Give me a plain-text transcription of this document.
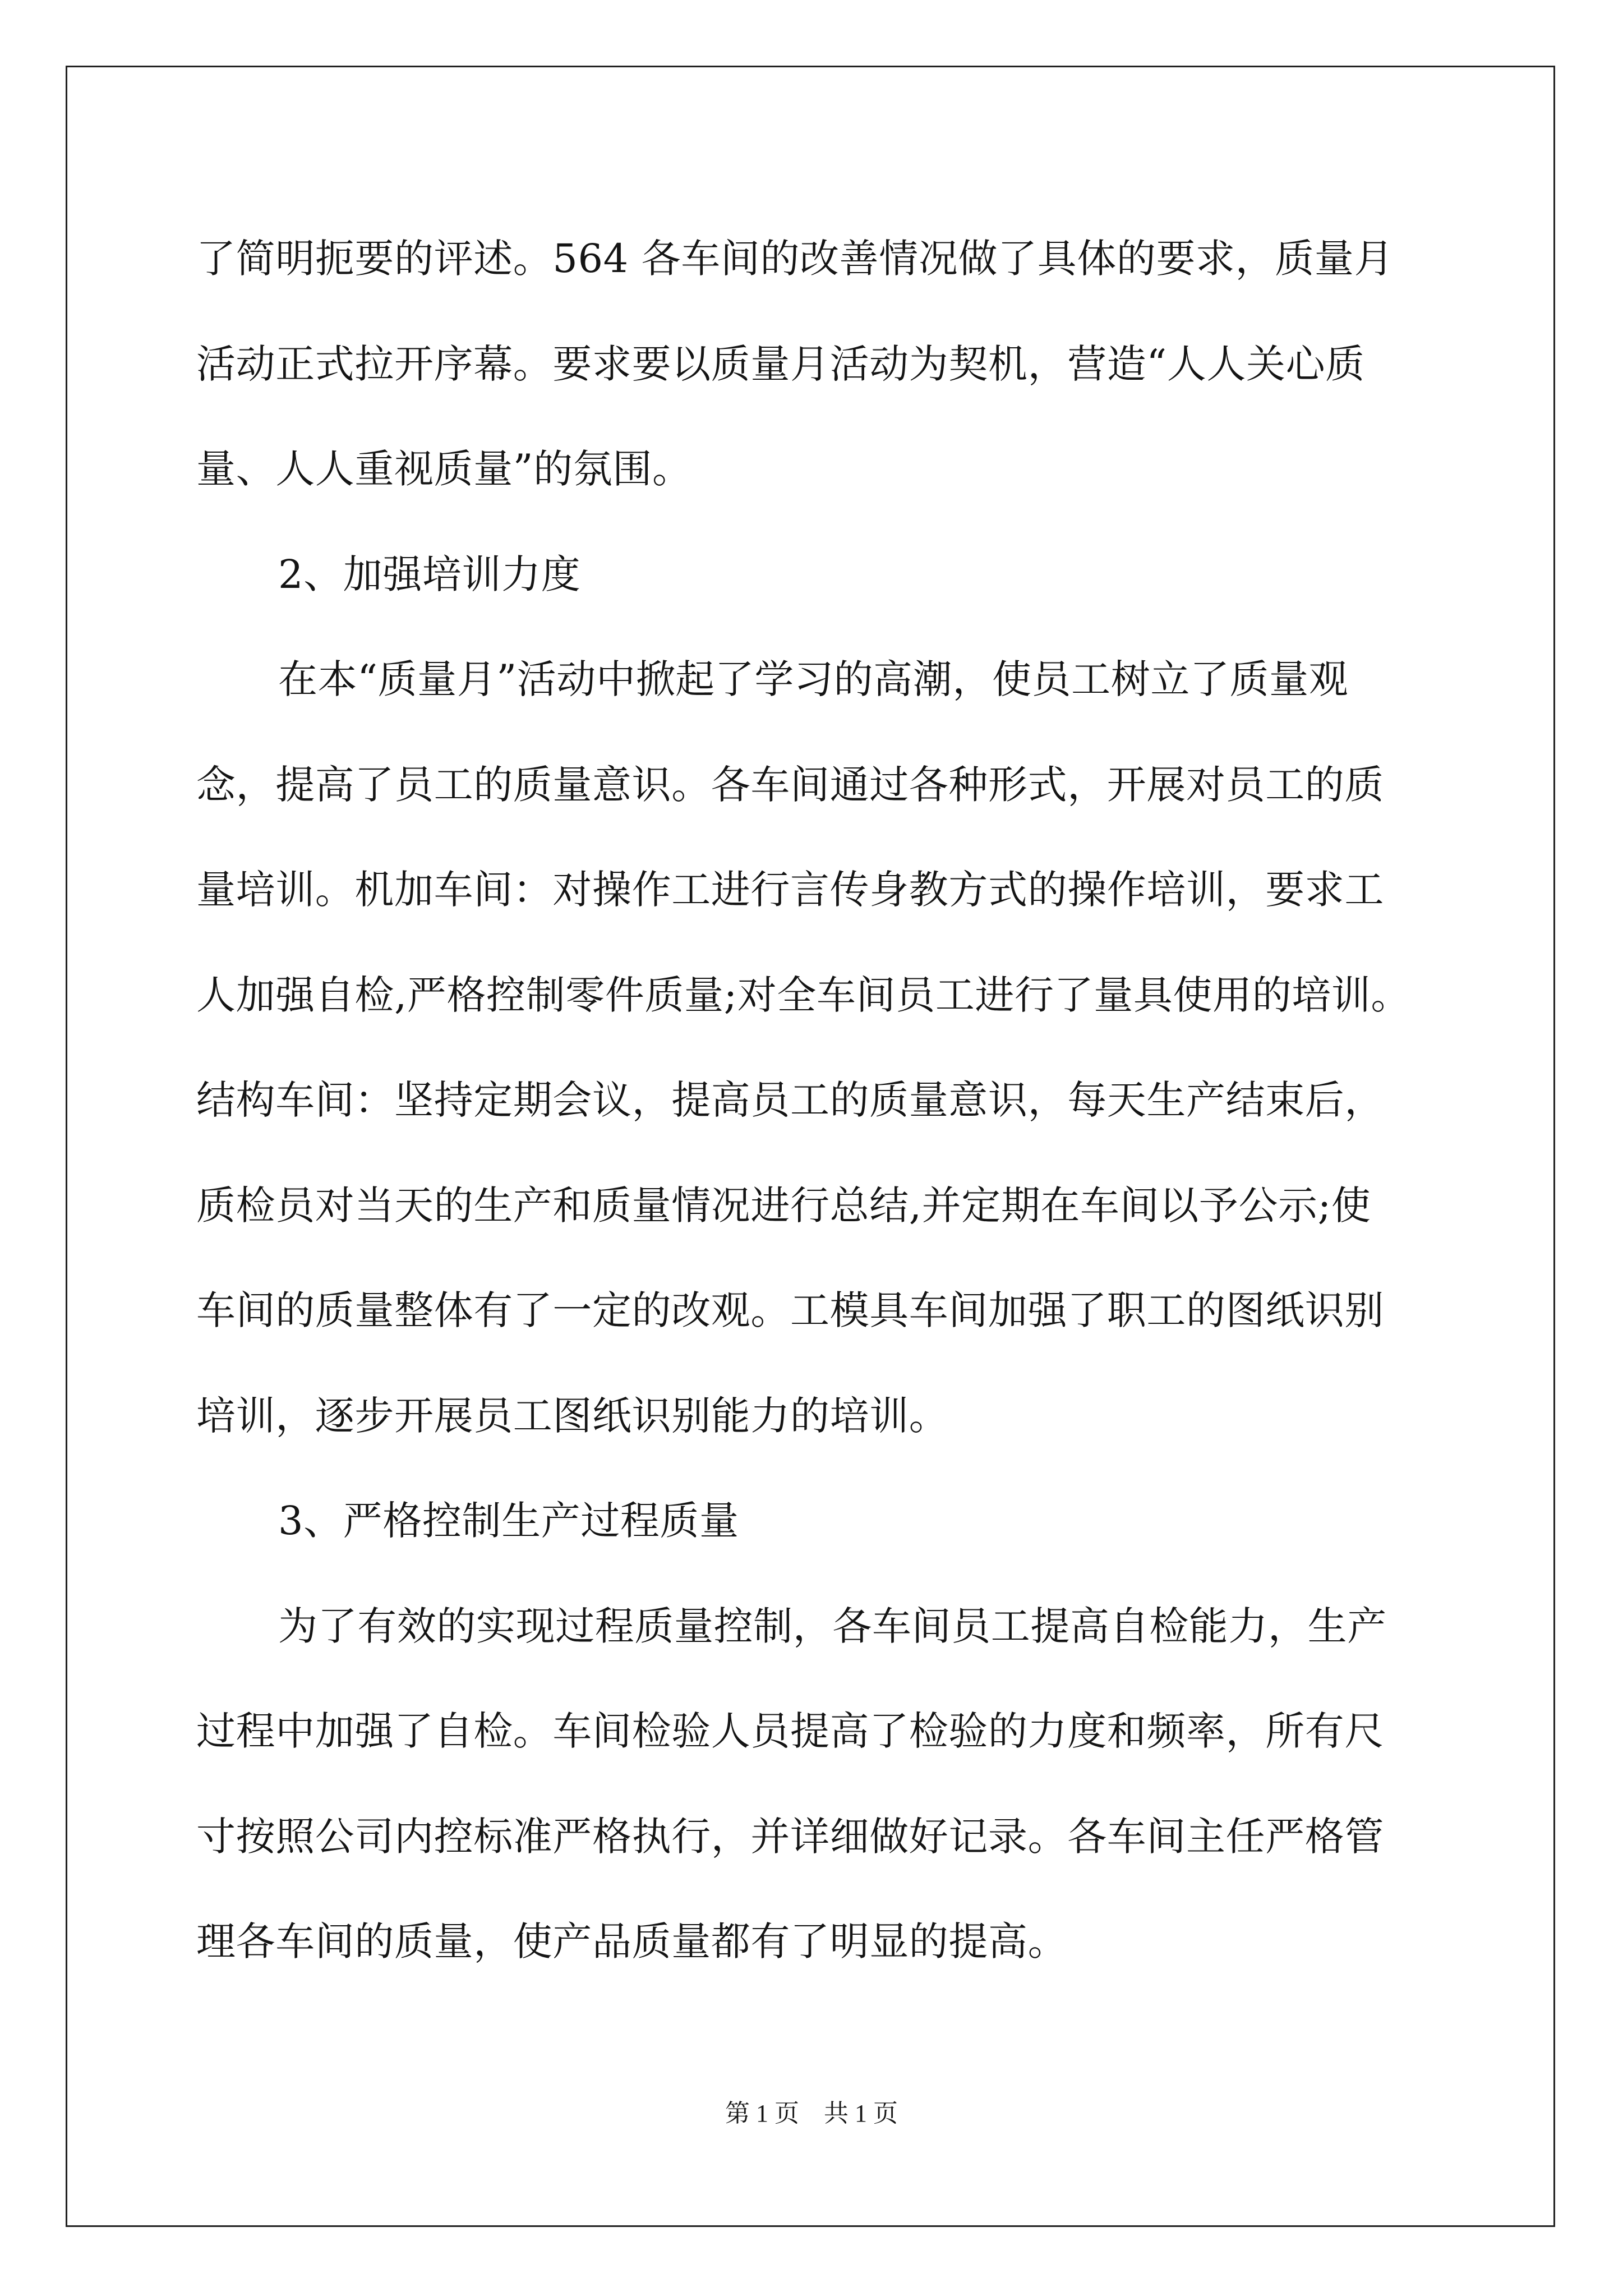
了简明扼要的评述。564 各车间的改善情况做了具体的要求，质量月
活动正式拉开序幕。要求要以质量月活动为契机，营造“人人关心质
量、人人重视质量”的氛围。
2、加强培训力度
在本“质量月”活动中掀起了学习的高潮，使员工树立了质量观
念，提高了员工的质量意识。各车间通过各种形式，开展对员工的质
量培训。机加车间：对操作工进行言传身教方式的操作培训，要求工
人加强自检,严格控制零件质量;对全车间员工进行了量具使用的培训。
结构车间：坚持定期会议，提高员工的质量意识，每天生产结束后，
质检员对当天的生产和质量情况进行总结,并定期在车间以予公示;使
车间的质量整体有了一定的改观。工模具车间加强了职工的图纸识别
培训，逐步开展员工图纸识别能力的培训。
3、严格控制生产过程质量
为了有效的实现过程质量控制，各车间员工提高自检能力，生产
过程中加强了自检。车间检验人员提高了检验的力度和频率，所有尺
寸按照公司内控标准严格执行，并详细做好记录。各车间主任严格管
理各车间的质量，使产品质量都有了明显的提高。
第 1 页    共 1 页
